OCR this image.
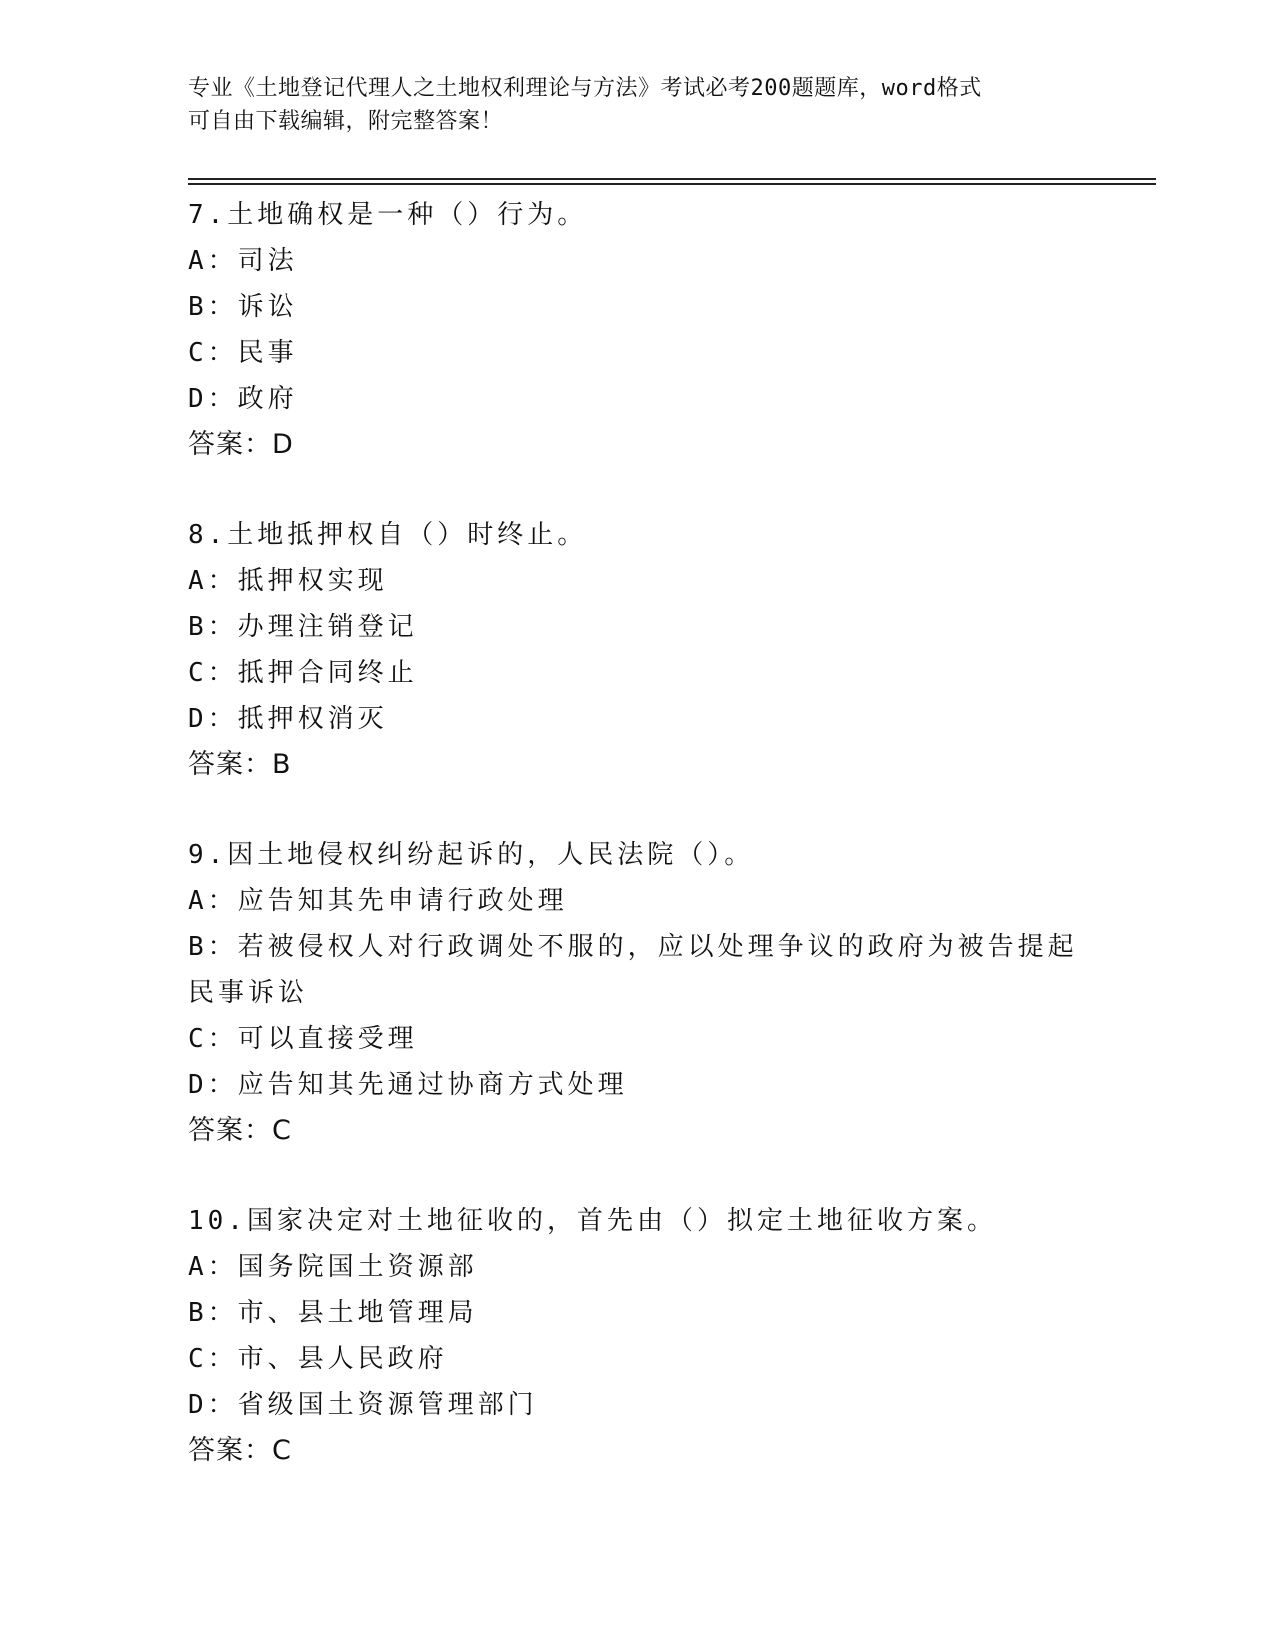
专业《土地登记代理人之土地权利理论与方法》考试必考200题题库，word格式
可自由下载编辑，附完整答案！
7.土地确权是一种（）行为。
A：司法
B：诉讼
C：民事
D：政府
答案：D
8.土地抵押权自（）时终止。
A：抵押权实现
B：办理注销登记
C：抵押合同终止
D：抵押权消灭
答案：B
9.因土地侵权纠纷起诉的，人民法院（）。
A：应告知其先申请行政处理
B：若被侵权人对行政调处不服的，应以处理争议的政府为被告提起民事诉讼
C：可以直接受理
D：应告知其先通过协商方式处理
答案：C
10.国家决定对土地征收的，首先由（）拟定土地征收方案。
A：国务院国土资源部
B：市、县土地管理局
C：市、县人民政府
D：省级国土资源管理部门
答案：C
